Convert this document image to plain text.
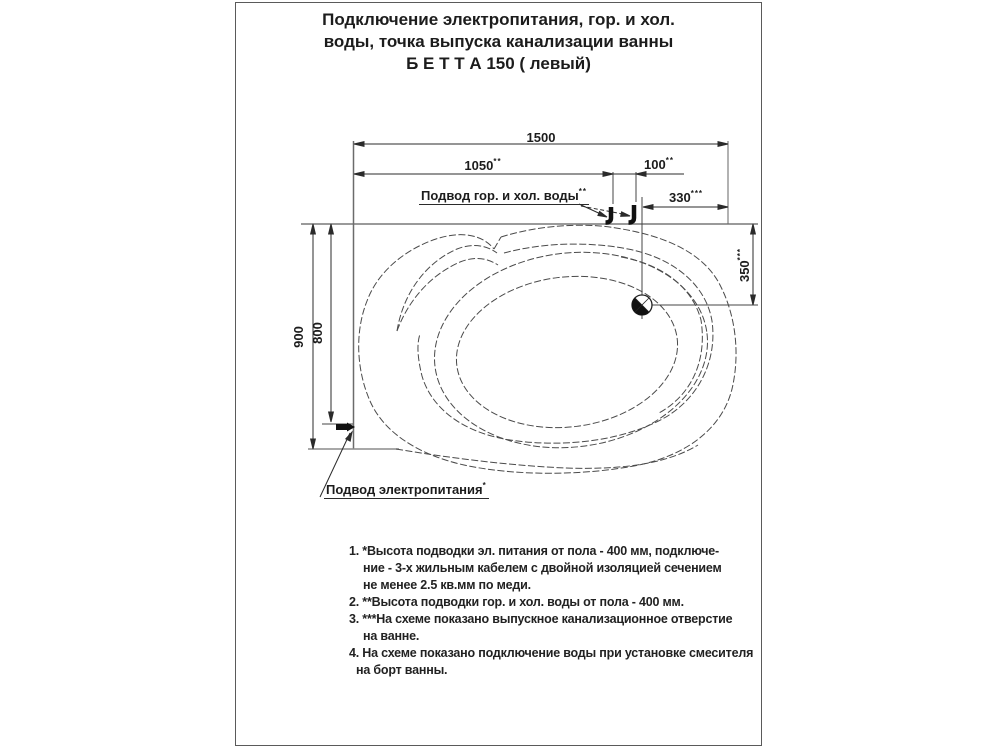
Подключение электропитания, гор. и хол.
воды, точка выпуска канализации ванны
Б Е Т Т А 150 ( левый)
1500
1050**	100**
330***
350***
900 800
Подвод гор. и хол. воды**
Подвод электропитания*
1. *Высота подводки эл. питания от пола - 400 мм, подключе-
ние - 3-х жильным кабелем с двойной изоляцией сечением
не менее 2.5 кв.мм по меди.
2. **Высота подводки гор. и хол. воды от пола - 400 мм.
3. ***На схеме показано выпускное канализационное отверстие
на ванне.
4. На схеме показано подключение воды при установке смесителя
на борт ванны.
